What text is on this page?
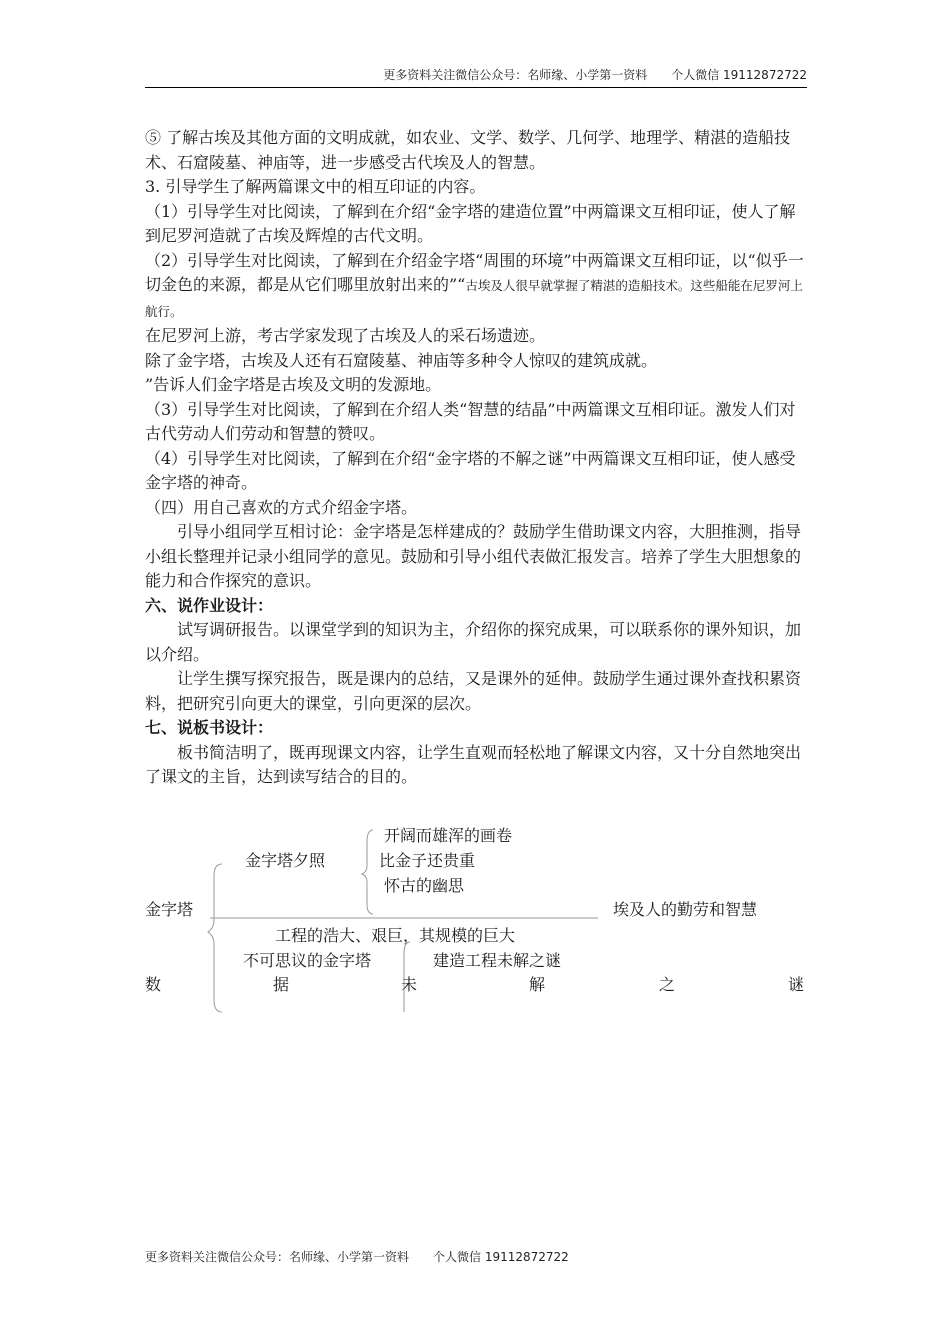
更多资料关注微信公众号：名师缘、小学第一资料　　个人微信 19112872722

⑤ 了解古埃及其他方面的文明成就，如农业、文学、数学、几何学、地理学、精湛的造船技术、石窟陵墓、神庙等，进一步感受古代埃及人的智慧。

3. 引导学生了解两篇课文中的相互印证的内容。

（1）引导学生对比阅读，了解到在介绍“金字塔的建造位置”中两篇课文互相印证，使人了解到尼罗河造就了古埃及辉煌的古代文明。

（2）引导学生对比阅读，了解到在介绍金字塔“周围的环境”中两篇课文互相印证，以“似乎一切金色的来源，都是从它们哪里放射出来的”“古埃及人很早就掌握了精湛的造船技术。这些船能在尼罗河上航行。

在尼罗河上游，考古学家发现了古埃及人的采石场遗迹。

除了金字塔，古埃及人还有石窟陵墓、神庙等多种令人惊叹的建筑成就。

”告诉人们金字塔是古埃及文明的发源地。

（3）引导学生对比阅读，了解到在介绍人类“智慧的结晶”中两篇课文互相印证。激发人们对古代劳动人们劳动和智慧的赞叹。

（4）引导学生对比阅读，了解到在介绍“金字塔的不解之谜”中两篇课文互相印证，使人感受金字塔的神奇。

（四）用自己喜欢的方式介绍金字塔。

引导小组同学互相讨论：金字塔是怎样建成的？鼓励学生借助课文内容，大胆推测，指导小组长整理并记录小组同学的意见。鼓励和引导小组代表做汇报发言。培养了学生大胆想象的能力和合作探究的意识。

六、说作业设计：

试写调研报告。以课堂学到的知识为主，介绍你的探究成果，可以联系你的课外知识，加以介绍。

让学生撰写探究报告，既是课内的总结，又是课外的延伸。鼓励学生通过课外查找积累资料，把研究引向更大的课堂，引向更深的层次。

七、说板书设计：

板书简洁明了，既再现课文内容，让学生直观而轻松地了解课文内容，又十分自然地突出了课文的主旨，达到读写结合的目的。

金字塔
金字塔夕照
开阔而雄浑的画卷
比金子还贵重
怀古的幽思
埃及人的勤劳和智慧
工程的浩大、艰巨，其规模的巨大
不可思议的金字塔	建造工程未解之谜
数	据	未	解	之	谜
更多资料关注微信公众号：名师缘、小学第一资料　　个人微信 19112872722
